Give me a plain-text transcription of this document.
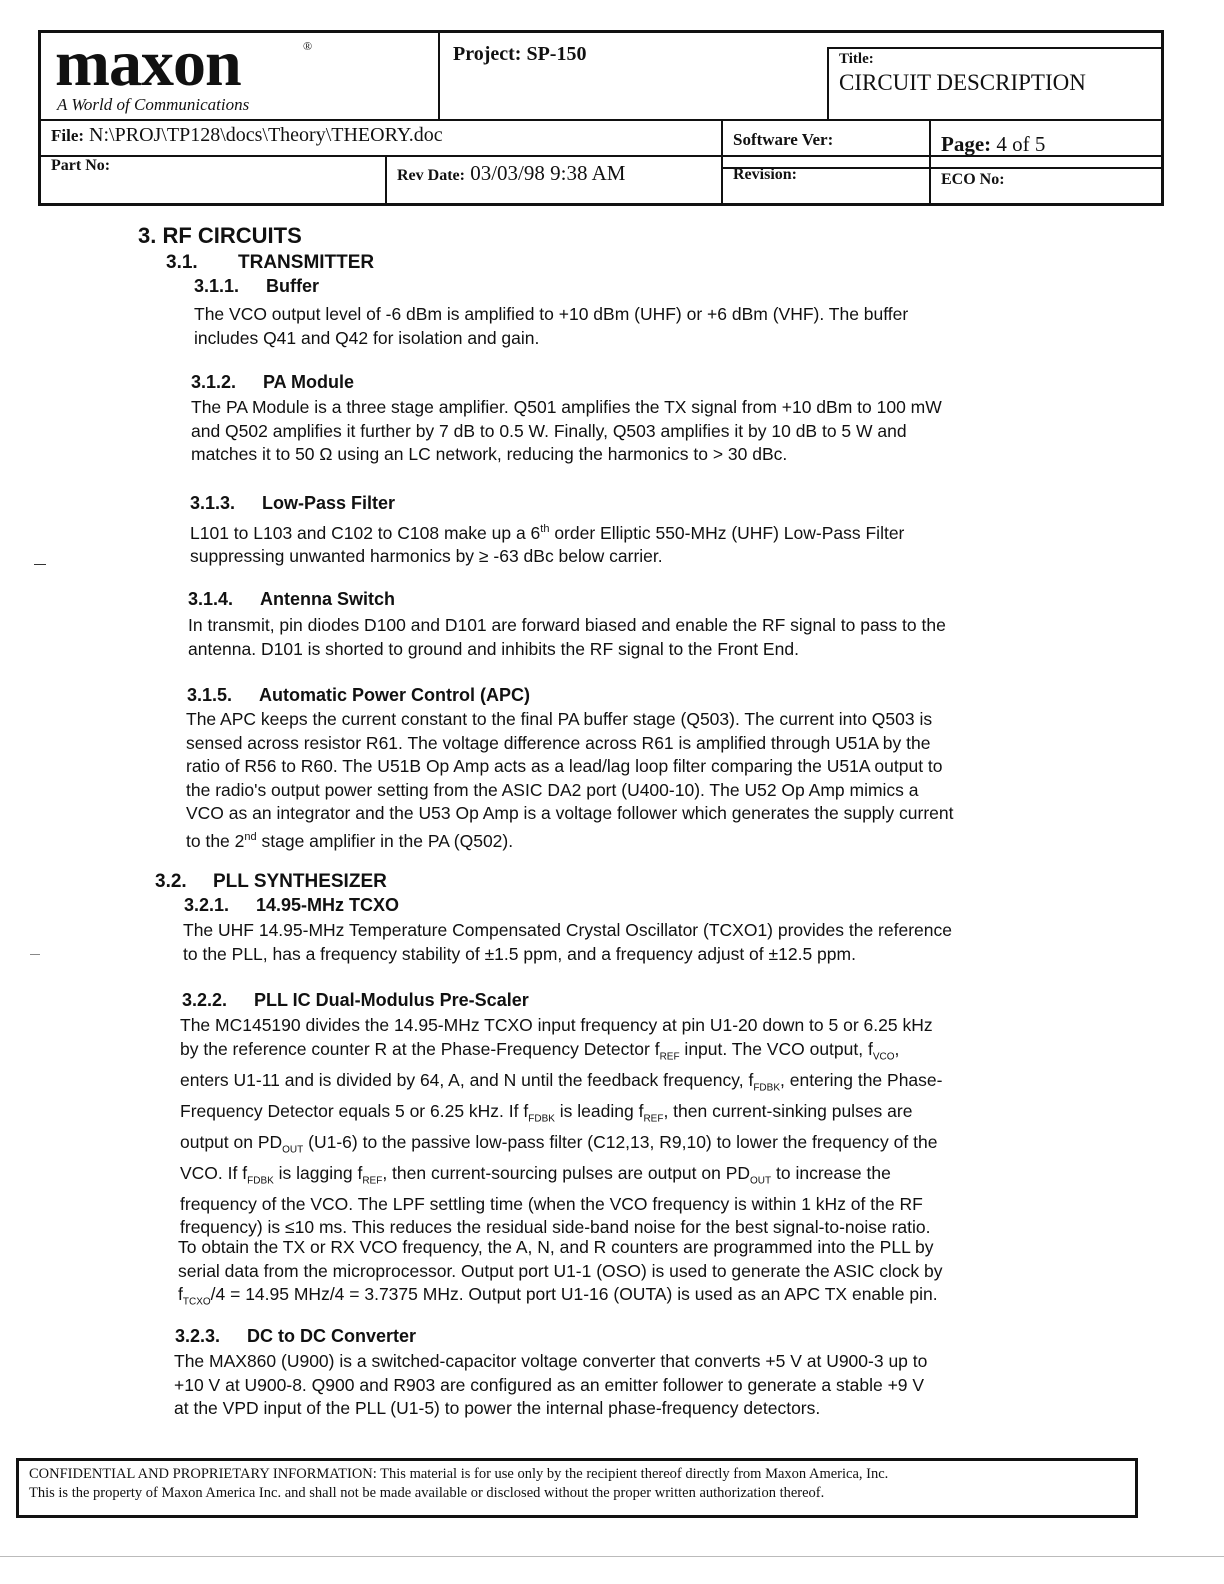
maxon	®
A World of Communications
Project: SP-150	Title:
CIRCUIT DESCRIPTION
File: N:\PROJ\TP128\docs\Theory\THEORY.doc	Software Ver:	Page: 4 of 5
Part No:
Rev Date: 03/03/98 9:38 AM	Revision:	ECO No:
3. RF CIRCUITS
3.1. TRANSMITTER
3.1.1. Buffer
The VCO output level of -6 dBm is amplified to +10 dBm (UHF) or +6 dBm (VHF). The buffer
includes Q41 and Q42 for isolation and gain.
3.1.2. PA Module
The PA Module is a three stage amplifier. Q501 amplifies the TX signal from +10 dBm to 100 mW
and Q502 amplifies it further by 7 dB to 0.5 W. Finally, Q503 amplifies it by 10 dB to 5 W and
matches it to 50 Ω using an LC network, reducing the harmonics to > 30 dBc.
3.1.3. Low-Pass Filter
L101 to L103 and C102 to C108 make up a 6th order Elliptic 550-MHz (UHF) Low-Pass Filter
suppressing unwanted harmonics by ≥ -63 dBc below carrier.
3.1.4. Antenna Switch
In transmit, pin diodes D100 and D101 are forward biased and enable the RF signal to pass to the
antenna. D101 is shorted to ground and inhibits the RF signal to the Front End.
3.1.5. Automatic Power Control (APC)
The APC keeps the current constant to the final PA buffer stage (Q503). The current into Q503 is
sensed across resistor R61. The voltage difference across R61 is amplified through U51A by the
ratio of R56 to R60. The U51B Op Amp acts as a lead/lag loop filter comparing the U51A output to
the radio's output power setting from the ASIC DA2 port (U400-10). The U52 Op Amp mimics a
VCO as an integrator and the U53 Op Amp is a voltage follower which generates the supply current
to the 2nd stage amplifier in the PA (Q502).
3.2. PLL SYNTHESIZER
3.2.1. 14.95-MHz TCXO
The UHF 14.95-MHz Temperature Compensated Crystal Oscillator (TCXO1) provides the reference
to the PLL, has a frequency stability of ±1.5 ppm, and a frequency adjust of ±12.5 ppm.
3.2.2. PLL IC Dual-Modulus Pre-Scaler
The MC145190 divides the 14.95-MHz TCXO input frequency at pin U1-20 down to 5 or 6.25 kHz
by the reference counter R at the Phase-Frequency Detector $f_{REF}$ input. The VCO output, $f_{VCO}$,
enters U1-11 and is divided by 64, A, and N until the feedback frequency, $f_{FDBK}$, entering the Phase-
Frequency Detector equals 5 or 6.25 kHz. If $f_{FDBK}$ is leading $f_{REF}$, then current-sinking pulses are
output on $PD_{OUT}$ (U1-6) to the passive low-pass filter (C12,13, R9,10) to lower the frequency of the
VCO. If $f_{FDBK}$ is lagging $f_{REF}$, then current-sourcing pulses are output on $PD_{OUT}$ to increase the
frequency of the VCO. The LPF settling time (when the VCO frequency is within 1 kHz of the RF
frequency) is ≤10 ms. This reduces the residual side-band noise for the best signal-to-noise ratio.
To obtain the TX or RX VCO frequency, the A, N, and R counters are programmed into the PLL by
serial data from the microprocessor. Output port U1-1 (OSO) is used to generate the ASIC clock by
$f_{TCXO}/4 = 14.95$ MHz/4 = 3.7375 MHz. Output port U1-16 (OUTA) is used as an APC TX enable pin.
3.2.3. DC to DC Converter
The MAX860 (U900) is a switched-capacitor voltage converter that converts +5 V at U900-3 up to
+10 V at U900-8. Q900 and R903 are configured as an emitter follower to generate a stable +9 V
at the VPD input of the PLL (U1-5) to power the internal phase-frequency detectors.
CONFIDENTIAL AND PROPRIETARY INFORMATION: This material is for use only by the recipient thereof directly from Maxon America, Inc.
This is the property of Maxon America Inc. and shall not be made available or disclosed without the proper written authorization thereof.
